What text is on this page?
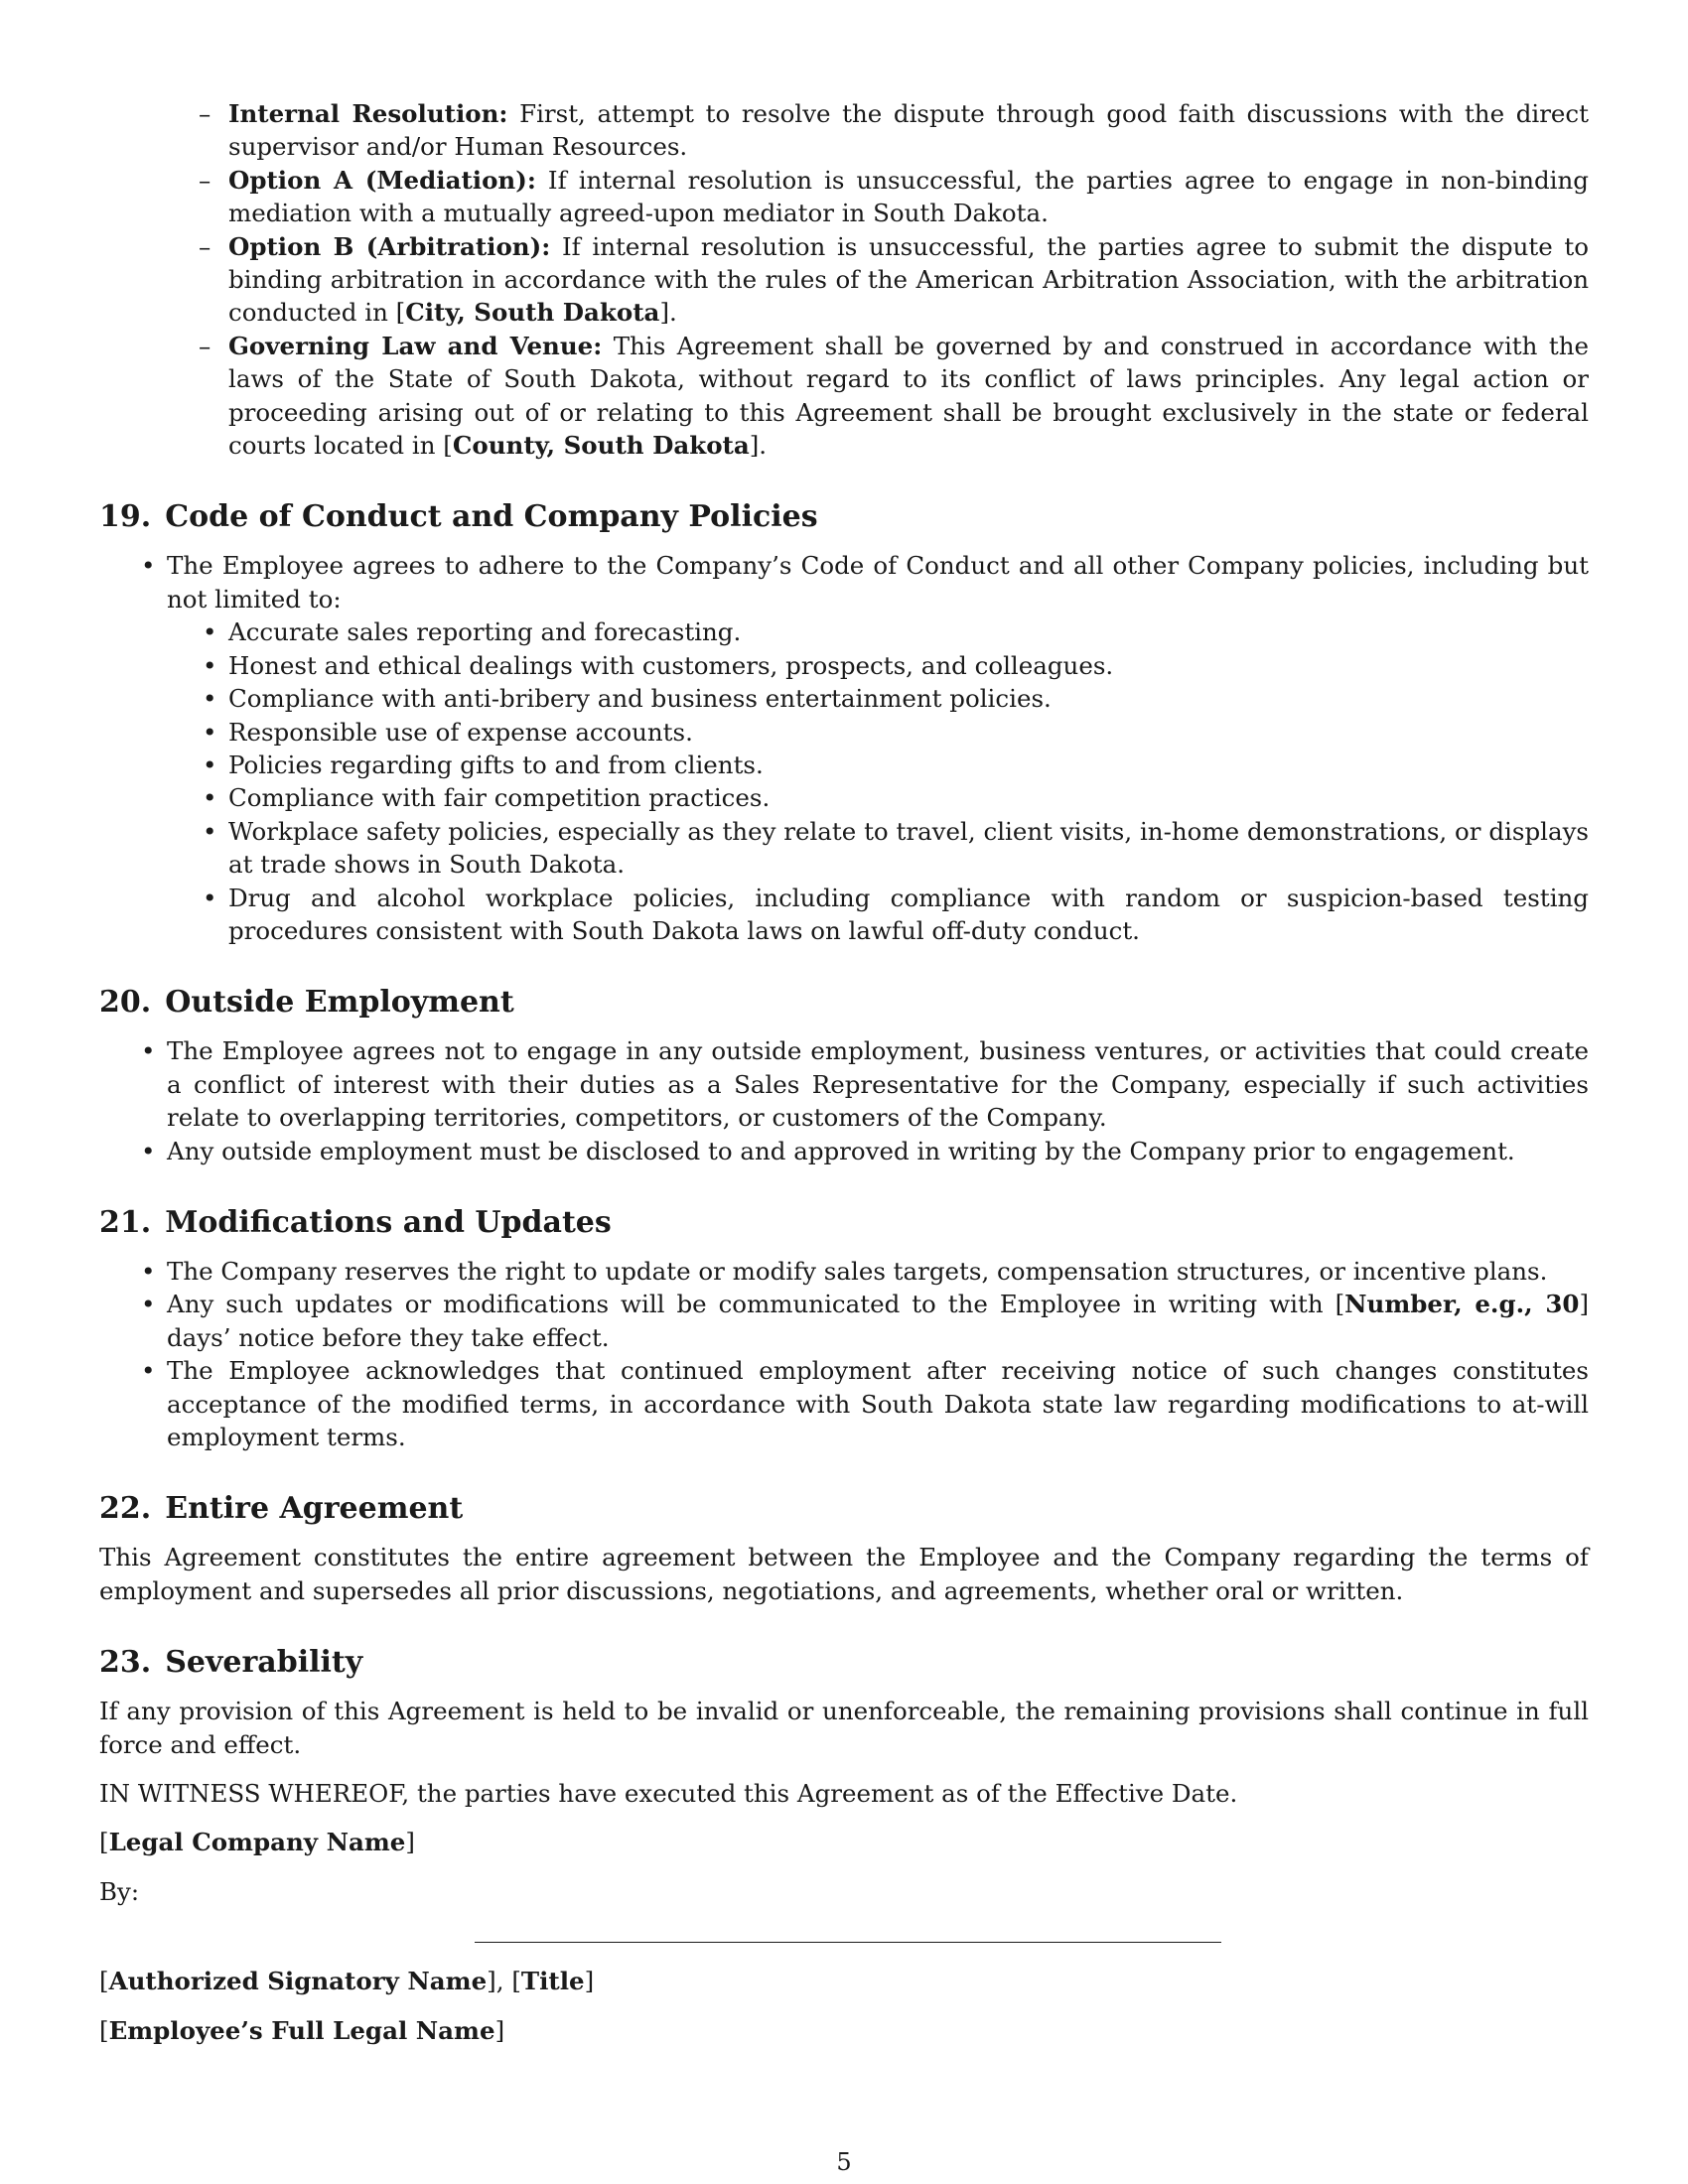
– Internal Resolution: First, attempt to resolve the dispute through good faith discussions with the direct supervisor and/or Human Resources.
– Option A (Mediation): If internal resolution is unsuccessful, the parties agree to engage in non-binding mediation with a mutually agreed-upon mediator in South Dakota.
– Option B (Arbitration): If internal resolution is unsuccessful, the parties agree to submit the dispute to binding arbitration in accordance with the rules of the American Arbitration Association, with the arbitration conducted in [City, South Dakota].
– Governing Law and Venue: This Agreement shall be governed by and construed in accordance with the laws of the State of South Dakota, without regard to its conflict of laws principles. Any legal action or proceeding arising out of or relating to this Agreement shall be brought exclusively in the state or federal courts located in [County, South Dakota].
19. Code of Conduct and Company Policies
• The Employee agrees to adhere to the Company’s Code of Conduct and all other Company policies, including but not limited to:
• Accurate sales reporting and forecasting.
• Honest and ethical dealings with customers, prospects, and colleagues.
• Compliance with anti-bribery and business entertainment policies.
• Responsible use of expense accounts.
• Policies regarding gifts to and from clients.
• Compliance with fair competition practices.
• Workplace safety policies, especially as they relate to travel, client visits, in-home demonstrations, or displays at trade shows in South Dakota.
• Drug and alcohol workplace policies, including compliance with random or suspicion-based testing procedures consistent with South Dakota laws on lawful off-duty conduct.
20. Outside Employment
• The Employee agrees not to engage in any outside employment, business ventures, or activities that could create a conflict of interest with their duties as a Sales Representative for the Company, especially if such activities relate to overlapping territories, competitors, or customers of the Company.
• Any outside employment must be disclosed to and approved in writing by the Company prior to engagement.
21. Modifications and Updates
• The Company reserves the right to update or modify sales targets, compensation structures, or incentive plans.
• Any such updates or modifications will be communicated to the Employee in writing with [Number, e.g., 30] days’ notice before they take effect.
• The Employee acknowledges that continued employment after receiving notice of such changes constitutes acceptance of the modified terms, in accordance with South Dakota state law regarding modifications to at-will employment terms.
22. Entire Agreement

This Agreement constitutes the entire agreement between the Employee and the Company regarding the terms of employment and supersedes all prior discussions, negotiations, and agreements, whether oral or written.

23. Severability

If any provision of this Agreement is held to be invalid or unenforceable, the remaining provisions shall continue in full force and effect.

IN WITNESS WHEREOF, the parties have executed this Agreement as of the Effective Date.

[Legal Company Name]

By:

[Authorized Signatory Name], [Title]

[Employee’s Full Legal Name]

5
